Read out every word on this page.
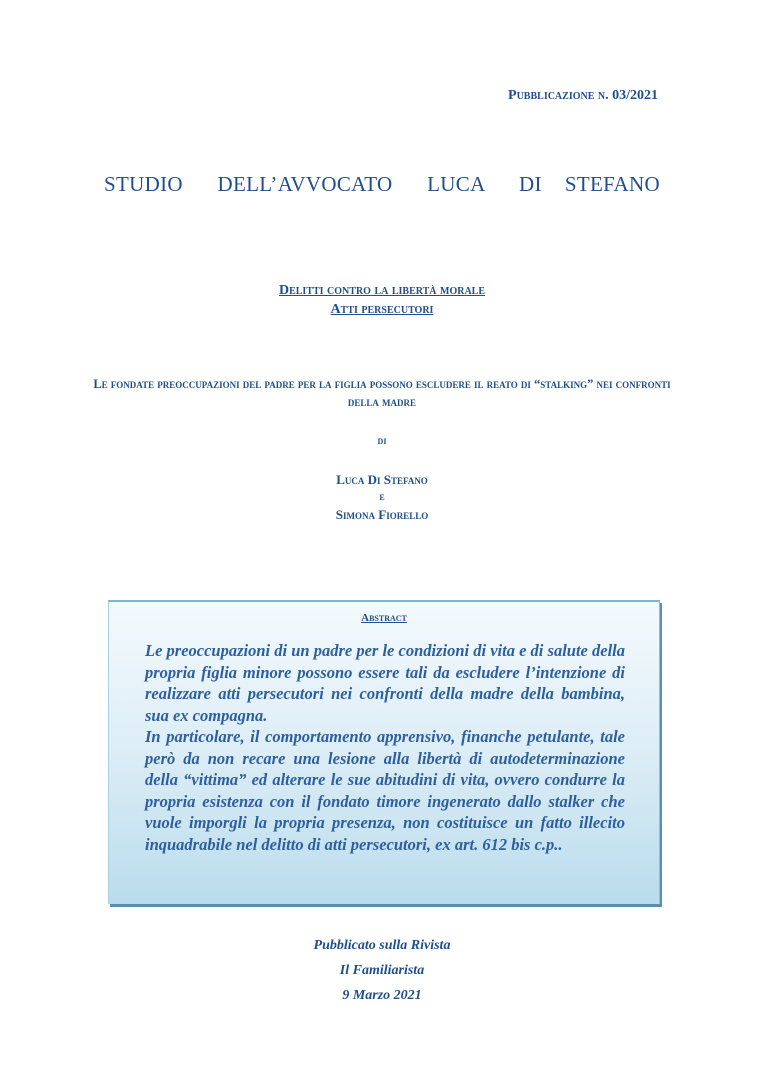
Pubblicazione n. 03/2021
STUDIO   DELL’AVVOCATO   LUCA   DI  STEFANO
Delitti contro la libertà morale
Atti persecutori
Le fondate preoccupazioni del padre per la figlia possono escludere il reato di “stalking” nei confronti della madre
di
Luca Di Stefano
e
Simona Fiorello
Abstract

Le preoccupazioni di un padre per le condizioni di vita e di salute della propria figlia minore possono essere tali da escludere l’intenzione di realizzare atti persecutori nei confronti della madre della bambina, sua ex compagna.

In particolare, il comportamento apprensivo, finanche petulante, tale però da non recare una lesione alla libertà di autodeterminazione della “vittima” ed alterare le sue abitudini di vita, ovvero condurre la propria esistenza con il fondato timore ingenerato dallo stalker che vuole imporgli la propria presenza, non costituisce un fatto illecito inquadrabile nel delitto di atti persecutori, ex art. 612 bis c.p..

Pubblicato sulla Rivista
Il Familiarista
9 Marzo 2021
